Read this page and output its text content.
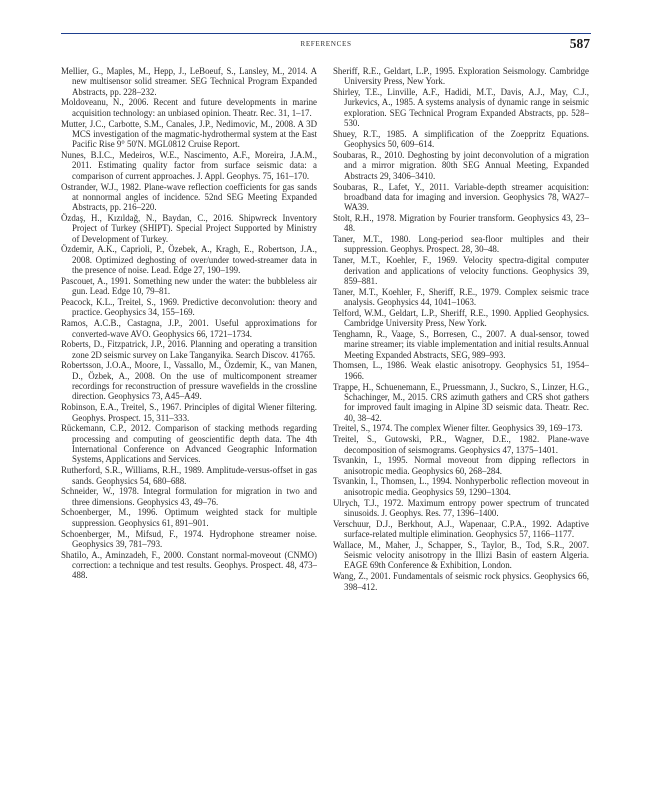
REFERENCES	587

Mellier, G., Maples, M., Hepp, J., LeBoeuf, S., Lansley, M., 2014. A new multisensor solid streamer. SEG Technical Program Expanded Abstracts, pp. 228–232.

Moldoveanu, N., 2006. Recent and future developments in marine acquisition technology: an unbiased opinion. Theatr. Rec. 31, 1–17.

Mutter, J.C., Carbotte, S.M., Canales, J.P., Nedimovic, M., 2008. A 3D MCS investigation of the magmatic-hydrothermal system at the East Pacific Rise 9° 50'N. MGL0812 Cruise Report.

Nunes, B.I.C., Medeiros, W.E., Nascimento, A.F., Moreira, J.A.M., 2011. Estimating quality factor from surface seismic data: a comparison of current approaches. J. Appl. Geophys. 75, 161–170.

Ostrander, W.J., 1982. Plane-wave reflection coefficients for gas sands at nonnormal angles of incidence. 52nd SEG Meeting Expanded Abstracts, pp. 216–220.

Özdaş, H., Kızıldağ, N., Baydan, C., 2016. Shipwreck Inventory Project of Turkey (SHIPT). Special Project Supported by Ministry of Development of Turkey.

Özdemir, A.K., Caprioli, P., Özebek, A., Kragh, E., Robertson, J.A., 2008. Optimized deghosting of over/under towed-streamer data in the presence of noise. Lead. Edge 27, 190–199.

Pascouet, A., 1991. Something new under the water: the bubbleless air gun. Lead. Edge 10, 79–81.

Peacock, K.L., Treitel, S., 1969. Predictive deconvolution: theory and practice. Geophysics 34, 155–169.

Ramos, A.C.B., Castagna, J.P., 2001. Useful approximations for converted-wave AVO. Geophysics 66, 1721–1734.

Roberts, D., Fitzpatrick, J.P., 2016. Planning and operating a transition zone 2D seismic survey on Lake Tanganyika. Search Discov. 41765.

Robertsson, J.O.A., Moore, I., Vassallo, M., Özdemir, K., van Manen, D., Özbek, A., 2008. On the use of multicomponent streamer recordings for reconstruction of pressure wavefields in the crossline direction. Geophysics 73, A45–A49.

Robinson, E.A., Treitel, S., 1967. Principles of digital Wiener filtering. Geophys. Prospect. 15, 311–333.

Rückemann, C.P., 2012. Comparison of stacking methods regarding processing and computing of geoscientific depth data. The 4th International Conference on Advanced Geographic Information Systems, Applications and Services.

Rutherford, S.R., Williams, R.H., 1989. Amplitude-versus-offset in gas sands. Geophysics 54, 680–688.

Schneider, W., 1978. Integral formulation for migration in two and three dimensions. Geophysics 43, 49–76.

Schoenberger, M., 1996. Optimum weighted stack for multiple suppression. Geophysics 61, 891–901.

Schoenberger, M., Mifsud, F., 1974. Hydrophone streamer noise. Geophysics 39, 781–793.

Shatilo, A., Aminzadeh, F., 2000. Constant normal-moveout (CNMO) correction: a technique and test results. Geophys. Prospect. 48, 473–488.

Sheriff, R.E., Geldart, L.P., 1995. Exploration Seismology. Cambridge University Press, New York.

Shirley, T.E., Linville, A.F., Hadidi, M.T., Davis, A.J., May, C.J., Jurkevics, A., 1985. A systems analysis of dynamic range in seismic exploration. SEG Technical Program Expanded Abstracts, pp. 528–530.

Shuey, R.T., 1985. A simplification of the Zoeppritz Equations. Geophysics 50, 609–614.

Soubaras, R., 2010. Deghosting by joint deconvolution of a migration and a mirror migration. 80th SEG Annual Meeting, Expanded Abstracts 29, 3406–3410.

Soubaras, R., Lafet, Y., 2011. Variable-depth streamer acquisition: broadband data for imaging and inversion. Geophysics 78, WA27–WA39.

Stolt, R.H., 1978. Migration by Fourier transform. Geophysics 43, 23–48.

Taner, M.T., 1980. Long-period sea-floor multiples and their suppression. Geophys. Prospect. 28, 30–48.

Taner, M.T., Koehler, F., 1969. Velocity spectra-digital computer derivation and applications of velocity functions. Geophysics 39, 859–881.

Taner, M.T., Koehler, F., Sheriff, R.E., 1979. Complex seismic trace analysis. Geophysics 44, 1041–1063.

Telford, W.M., Geldart, L.P., Sheriff, R.E., 1990. Applied Geophysics. Cambridge University Press, New York.

Tenghamn, R., Vaage, S., Borresen, C., 2007. A dual-sensor, towed marine streamer; its viable implementation and initial results.Annual Meeting Expanded Abstracts, SEG, 989–993.

Thomsen, L., 1986. Weak elastic anisotropy. Geophysics 51, 1954–1966.

Trappe, H., Schuenemann, E., Pruessmann, J., Suckro, S., Linzer, H.G., Schachinger, M., 2015. CRS azimuth gathers and CRS shot gathers for improved fault imaging in Alpine 3D seismic data. Theatr. Rec. 40, 38–42.

Treitel, S., 1974. The complex Wiener filter. Geophysics 39, 169–173.

Treitel, S., Gutowski, P.R., Wagner, D.E., 1982. Plane-wave decomposition of seismograms. Geophysics 47, 1375–1401.

Tsvankin, I., 1995. Normal moveout from dipping reflectors in anisotropic media. Geophysics 60, 268–284.

Tsvankin, I., Thomsen, L., 1994. Nonhyperbolic reflection moveout in anisotropic media. Geophysics 59, 1290–1304.

Ulrych, T.J., 1972. Maximum entropy power spectrum of truncated sinusoids. J. Geophys. Res. 77, 1396–1400.

Verschuur, D.J., Berkhout, A.J., Wapenaar, C.P.A., 1992. Adaptive surface-related multiple elimination. Geophysics 57, 1166–1177.

Wallace, M., Maher, J., Schapper, S., Taylor, B., Tod, S.R., 2007. Seismic velocity anisotropy in the Illizi Basin of eastern Algeria. EAGE 69th Conference & Exhibition, London.

Wang, Z., 2001. Fundamentals of seismic rock physics. Geophysics 66, 398–412.
